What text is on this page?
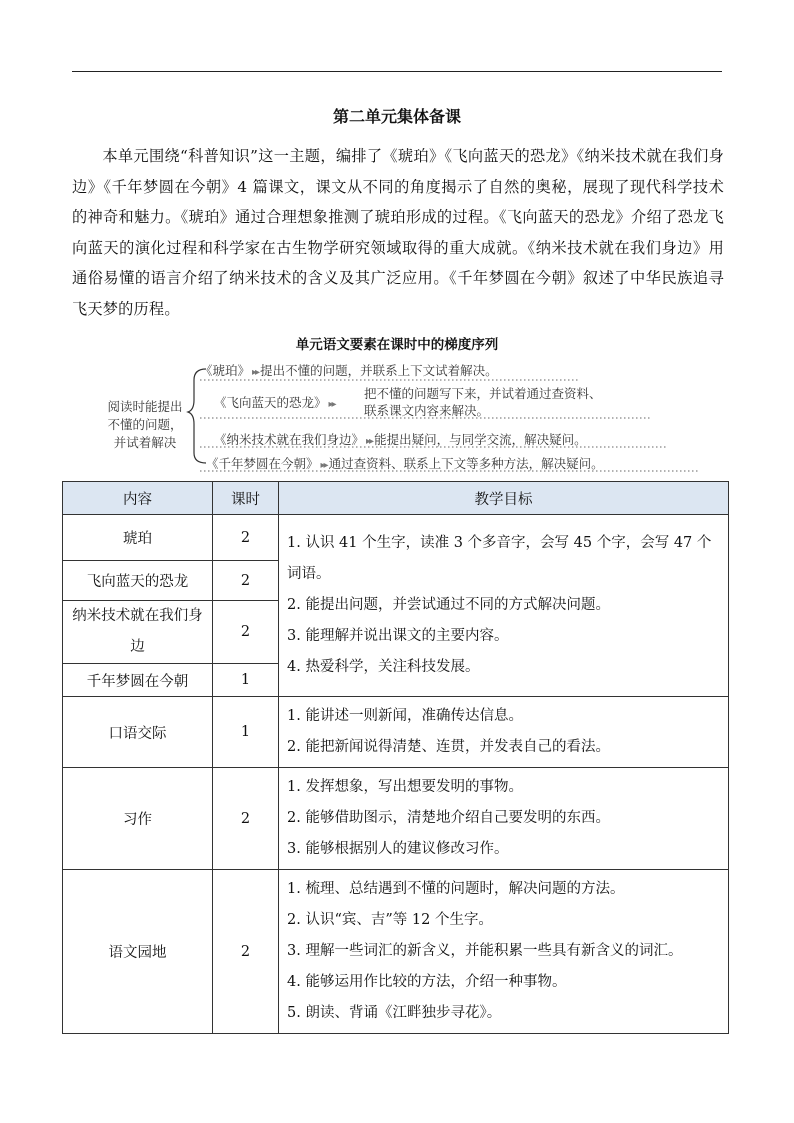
第二单元集体备课

本单元围绕“科普知识”这一主题，编排了《琥珀》《飞向蓝天的恐龙》《纳米技术就在我们身边》《千年梦圆在今朝》4 篇课文，课文从不同的角度揭示了自然的奥秘，展现了现代科学技术的神奇和魅力。《琥珀》通过合理想象推测了琥珀形成的过程。《飞向蓝天的恐龙》介绍了恐龙飞向蓝天的演化过程和科学家在古生物学研究领域取得的重大成就。《纳米技术就在我们身边》用通俗易懂的语言介绍了纳米技术的含义及其广泛应用。《千年梦圆在今朝》叙述了中华民族追寻飞天梦的历程。

单元语文要素在课时中的梯度序列
阅读时能提出
不懂的问题，
并试着解决
《琥珀》 ▸▸ 提出不懂的问题，并联系上下文试着解决。
《飞向蓝天的恐龙》 ▸▸
把不懂的问题写下来，并试着通过查资料、
联系课文内容来解决。
《纳米技术就在我们身边》 ▸▸ 能提出疑问，与同学交流，解决疑问。
《千年梦圆在今朝》 ▸▸ 通过查资料、联系上下文等多种方法，解决疑问。
内容	课时	教学目标
琥珀	2	1. 认识 41 个生字，读准 3 个多音字，会写 45 个字，会写 47 个词语。
2. 能提出问题，并尝试通过不同的方式解决问题。
3. 能理解并说出课文的主要内容。
4. 热爱科学，关注科技发展。

飞向蓝天的恐龙	2	
纳米技术就在我们身边	2	
千年梦圆在今朝	1	
口语交际	1	1. 能讲述一则新闻，准确传达信息。
2. 能把新闻说得清楚、连贯，并发表自己的看法。

习作	2	1. 发挥想象，写出想要发明的事物。
2. 能够借助图示，清楚地介绍自己要发明的东西。
3. 能够根据别人的建议修改习作。

语文园地	2	1. 梳理、总结遇到不懂的问题时，解决问题的方法。
2. 认识“宾、吉”等 12 个生字。
3. 理解一些词汇的新含义，并能积累一些具有新含义的词汇。
4. 能够运用作比较的方法，介绍一种事物。
5. 朗读、背诵《江畔独步寻花》。
